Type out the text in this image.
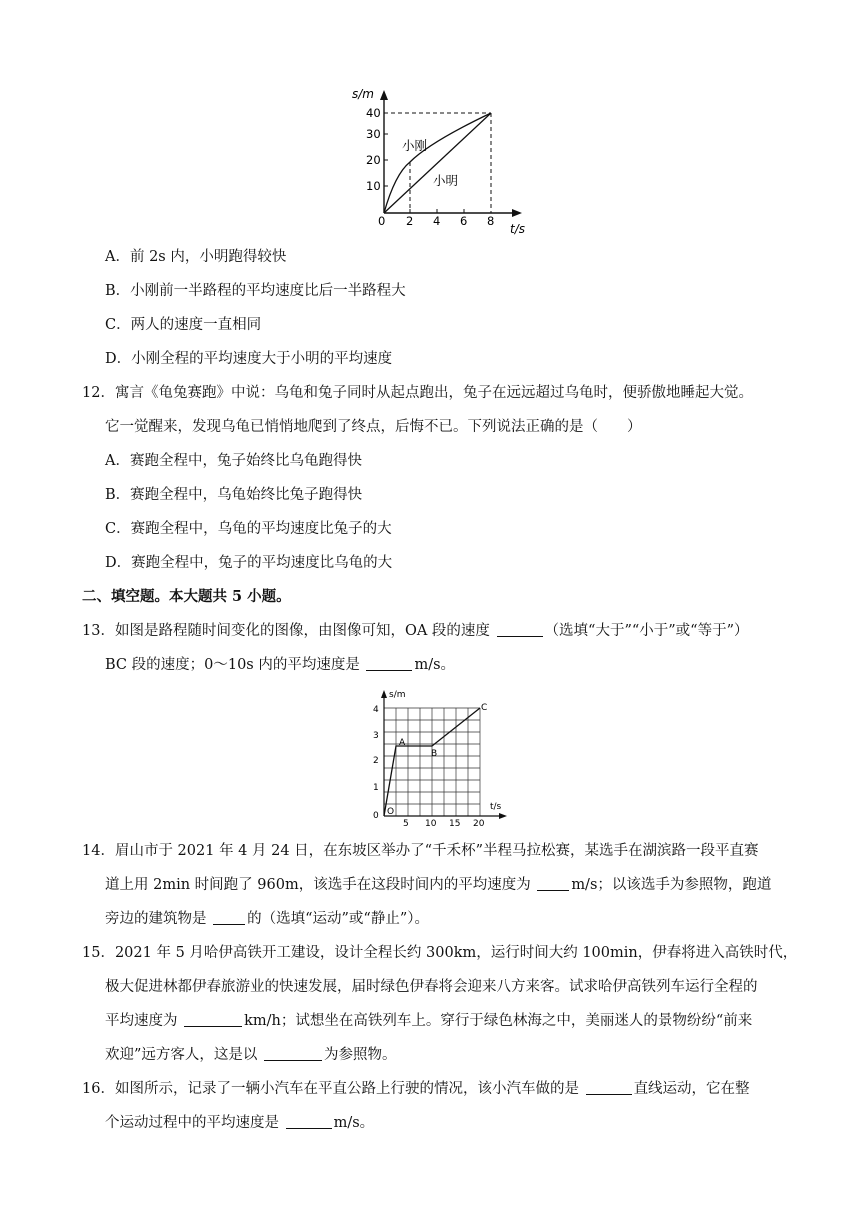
s/m
t/s
40
30
20
10
0 2 4 6 8
小刚
小明
A．前 2s 内，小明跑得较快
B．小刚前一半路程的平均速度比后一半路程大
C．两人的速度一直相同
D．小刚全程的平均速度大于小明的平均速度
12．寓言《龟兔赛跑》中说：乌龟和兔子同时从起点跑出，兔子在远远超过乌龟时，便骄傲地睡起大觉。
它一觉醒来，发现乌龟已悄悄地爬到了终点，后悔不已。下列说法正确的是（　　）
A．赛跑全程中，兔子始终比乌龟跑得快
B．赛跑全程中，乌龟始终比兔子跑得快
C．赛跑全程中，乌龟的平均速度比兔子的大
D．赛跑全程中，兔子的平均速度比乌龟的大
二、填空题。本大题共 5 小题。
13．如图是路程随时间变化的图像，由图像可知，OA 段的速度	（选填“大于”“小于”或“等于”）
BC 段的速度；0～10s 内的平均速度是	m/s。
s/m
t/s
4
3
2
1
0
5 10 15 20
A
B
C
O
14．眉山市于 2021 年 4 月 24 日，在东坡区举办了“千禾杯”半程马拉松赛，某选手在湖滨路一段平直赛
道上用 2min 时间跑了 960m，该选手在这段时间内的平均速度为 m/s；以该选手为参照物，跑道
旁边的建筑物是 的（选填“运动”或“静止”）。
15．2021 年 5 月哈伊高铁开工建设，设计全程长约 300km，运行时间大约 100min，伊春将进入高铁时代，
极大促进林都伊春旅游业的快速发展，届时绿色伊春将会迎来八方来客。试求哈伊高铁列车运行全程的
平均速度为	km/h；试想坐在高铁列车上。穿行于绿色林海之中，美丽迷人的景物纷纷“前来
欢迎”远方客人，这是以	为参照物。
16．如图所示，记录了一辆小汽车在平直公路上行驶的情况，该小汽车做的是	直线运动，它在整
个运动过程中的平均速度是	m/s。
